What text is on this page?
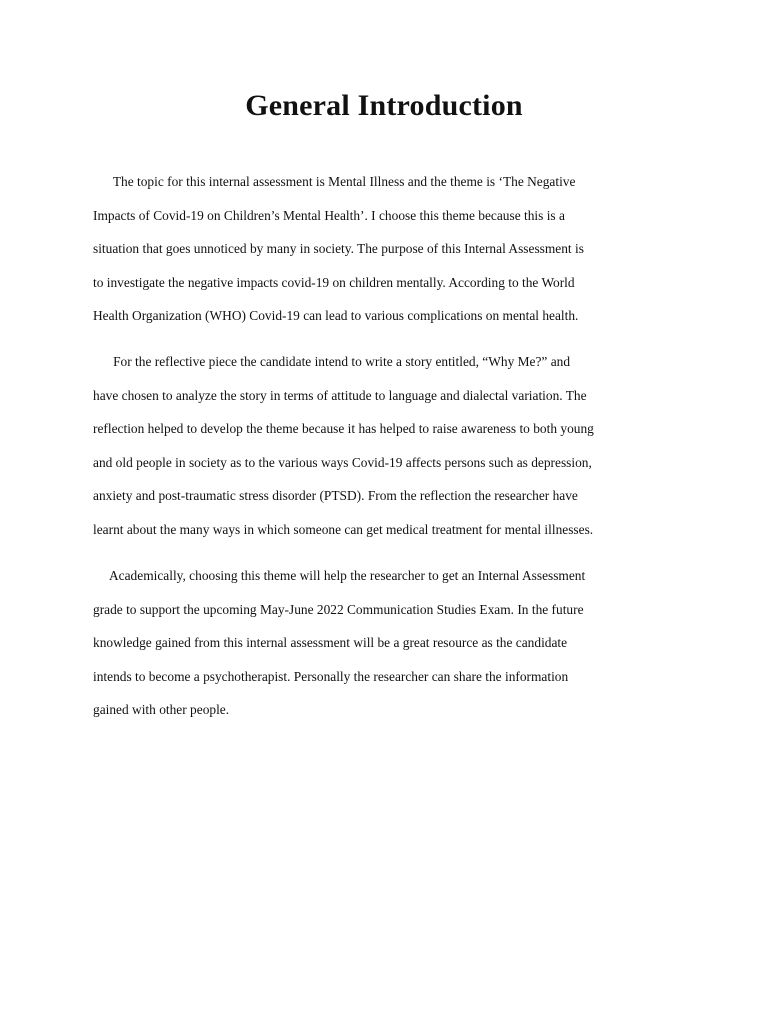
General Introduction

The topic for this internal assessment is Mental Illness and the theme is ‘The Negative
Impacts of Covid-19 on Children’s Mental Health’. I choose this theme because this is a
situation that goes unnoticed by many in society. The purpose of this Internal Assessment is
to investigate the negative impacts covid-19 on children mentally. According to the World
Health Organization (WHO) Covid-19 can lead to various complications on mental health.

For the reflective piece the candidate intend to write a story entitled, “Why Me?” and
have chosen to analyze the story in terms of attitude to language and dialectal variation. The
reflection helped to develop the theme because it has helped to raise awareness to both young
and old people in society as to the various ways Covid-19 affects persons such as depression,
anxiety and post-traumatic stress disorder (PTSD). From the reflection the researcher have
learnt about the many ways in which someone can get medical treatment for mental illnesses.

Academically, choosing this theme will help the researcher to get an Internal Assessment
grade to support the upcoming May-June 2022 Communication Studies Exam. In the future
knowledge gained from this internal assessment will be a great resource as the candidate
intends to become a psychotherapist. Personally the researcher can share the information
gained with other people.
